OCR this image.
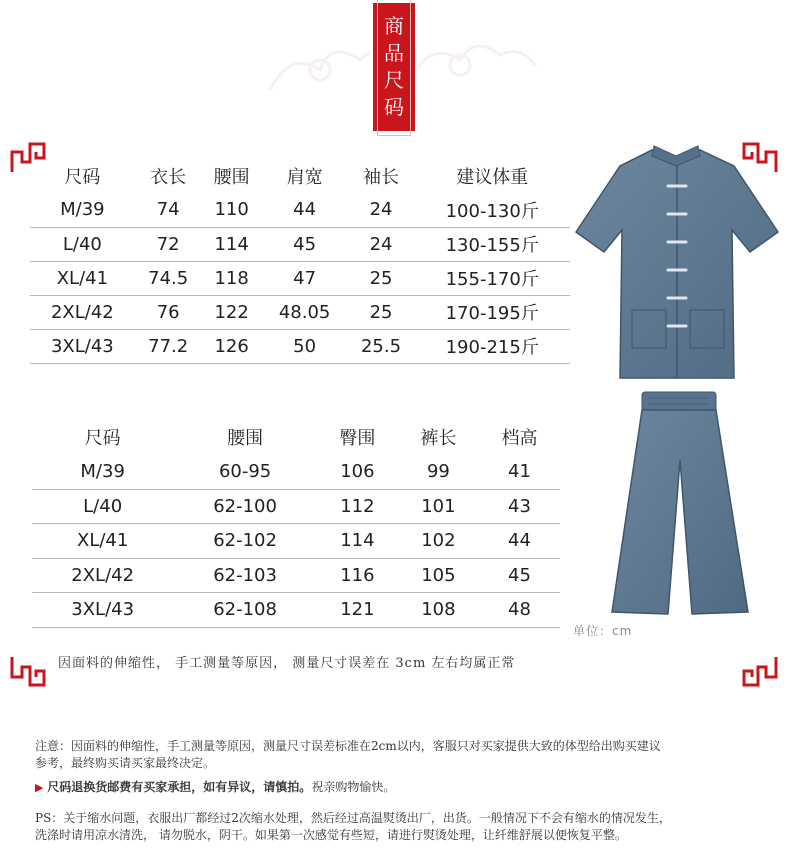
商
品
尺
码
尺码	衣长	腰围	肩宽	袖长	建议体重
M/39	74	110	44	24	100-130斤
L/40	72	114	45	24	130-155斤
XL/41	74.5	118	47	25	155-170斤
2XL/42	76	122	48.05	25	170-195斤
3XL/43	77.2	126	50	25.5	190-215斤
尺码	腰围	臀围	裤长	档高
M/39	60-95	106	99	41
L/40	62-100	112	101	43
XL/41	62-102	114	102	44
2XL/42	62-103	116	105	45
3XL/43	62-108	121	108	48
单位：cm
因面料的伸缩性， 手工测量等原因， 测量尺寸误差在 3cm 左右均属正常
注意：因面料的伸缩性，手工测量等原因，测量尺寸误差标准在2cm以内，客服只对买家提供大致的体型给出购买建议
参考，最终购买请买家最终决定。
▶ 尺码退换货邮费有买家承担，如有异议，请慎拍。祝亲购物愉快。
PS：关于缩水问题，衣服出厂都经过2次缩水处理，然后经过高温熨烫出厂，出货。一般情况下不会有缩水的情况发生，
洗涤时请用凉水清洗， 请勿脱水，阴干。如果第一次感觉有些短，请进行熨烫处理，让纤维舒展以便恢复平整。
